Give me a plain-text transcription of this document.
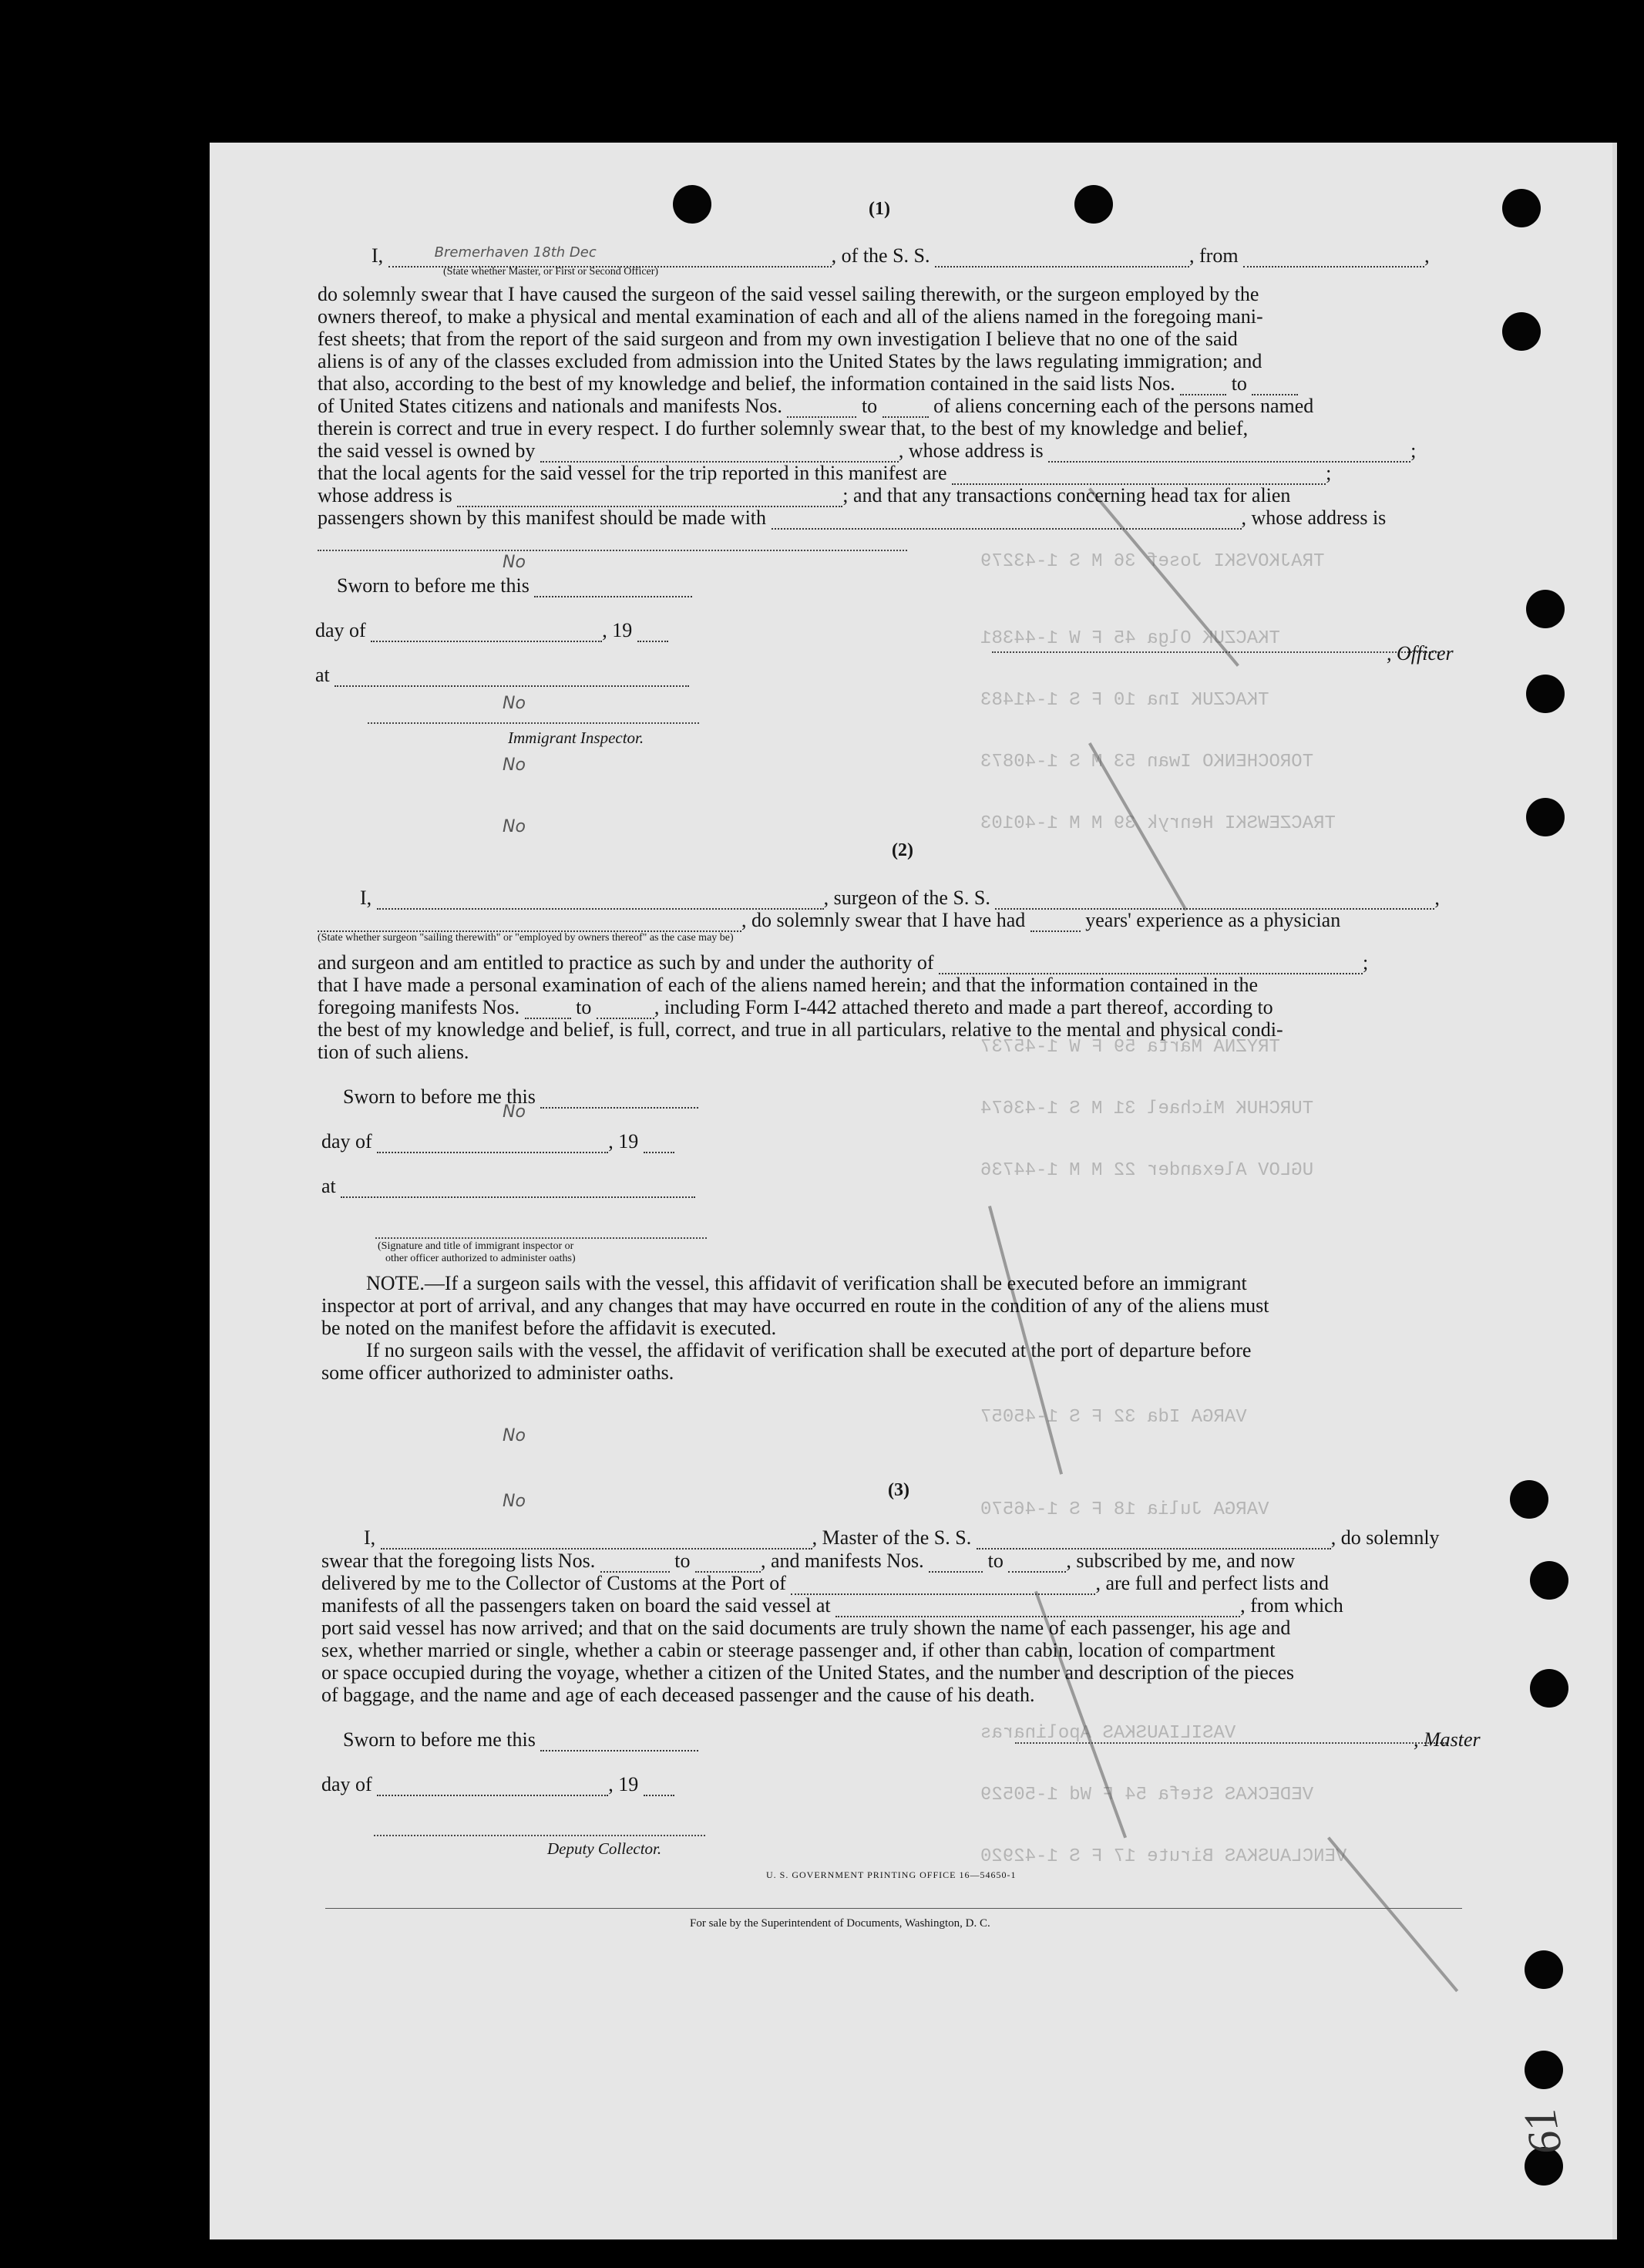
TRAJKOVSKI Josef 36 M S 1-43279
TKACZUK Olga 45 F W 1-44381
TKACZUK Ina 10 F S 1-41483
TOROCHENKO Iwan 53 M S 1-40873
TRACZEWSKI Henryk 39 M M 1-40103
TRYZNA Marta 59 F W 1-45737
TURCHUK Michael 31 M S 1-43674
UGLOV Alexander 22 M M 1-44736
VARGA Ida 32 F S 1-45057
VARGA Julia 18 F S 1-46570
VASILIAUSKAS Apolinaras
VEDECKAS Stefa 54 F Wd 1-50529
VENCLAUSKAS Birute 17 F S 1-42920
(1)
I,	Bremerhaven 18th Dec	, of the S. S.	, from	,
(State whether Master, or First or Second Officer)
do solemnly swear that I have caused the surgeon of the said vessel sailing therewith, or the surgeon employed by the
owners thereof, to make a physical and mental examination of each and all of the aliens named in the foregoing mani-
fest sheets; that from the report of the said surgeon and from my own investigation I believe that no one of the said
aliens is of any of the classes excluded from admission into the United States by the laws regulating immigration; and
that also, according to the best of my knowledge and belief, the information contained in the said lists Nos.	to
of United States citizens and nationals and manifests Nos.	to	of aliens concerning each of the persons named
therein is correct and true in every respect. I do further solemnly swear that, to the best of my knowledge and belief,
the said vessel is owned by	, whose address is	;
that the local agents for the said vessel for the trip reported in this manifest are	;
whose address is	; and that any transactions concerning head tax for alien
passengers shown by this manifest should be made with	, whose address is
Sworn to before me this
day of	, 19
at
Immigrant Inspector.
, Officer
(2)
I,	, surgeon of the S. S.	,
, do solemnly swear that I have had	years' experience as a physician
(State whether surgeon "sailing therewith" or "employed by owners thereof" as the case may be)
and surgeon and am entitled to practice as such by and under the authority of	;
that I have made a personal examination of each of the aliens named herein; and that the information contained in the
foregoing manifests Nos.	to	, including Form I-442 attached thereto and made a part thereof, according to
the best of my knowledge and belief, is full, correct, and true in all particulars, relative to the mental and physical condi-
tion of such aliens.
Sworn to before me this
day of	, 19
at
(Signature and title of immigrant inspector or
other officer authorized to administer oaths)
NOTE.—If a surgeon sails with the vessel, this affidavit of verification shall be executed before an immigrant
inspector at port of arrival, and any changes that may have occurred en route in the condition of any of the aliens must
be noted on the manifest before the affidavit is executed.
If no surgeon sails with the vessel, the affidavit of verification shall be executed at the port of departure before
some officer authorized to administer oaths.
(3)
I,	, Master of the S. S.	, do solemnly
swear that the foregoing lists Nos.	to	, and manifests Nos.	to	, subscribed by me, and now
delivered by me to the Collector of Customs at the Port of	, are full and perfect lists and
manifests of all the passengers taken on board the said vessel at	, from which
port said vessel has now arrived; and that on the said documents are truly shown the name of each passenger, his age and
sex, whether married or single, whether a cabin or steerage passenger and, if other than cabin, location of compartment
or space occupied during the voyage, whether a citizen of the United States, and the number and description of the pieces
of baggage, and the name and age of each deceased passenger and the cause of his death.
Sworn to before me this
day of	, 19
Deputy Collector.
, Master
U. S. GOVERNMENT PRINTING OFFICE 16—54650-1
For sale by the Superintendent of Documents, Washington, D. C.
61
No
No
No
No
No
No
No
